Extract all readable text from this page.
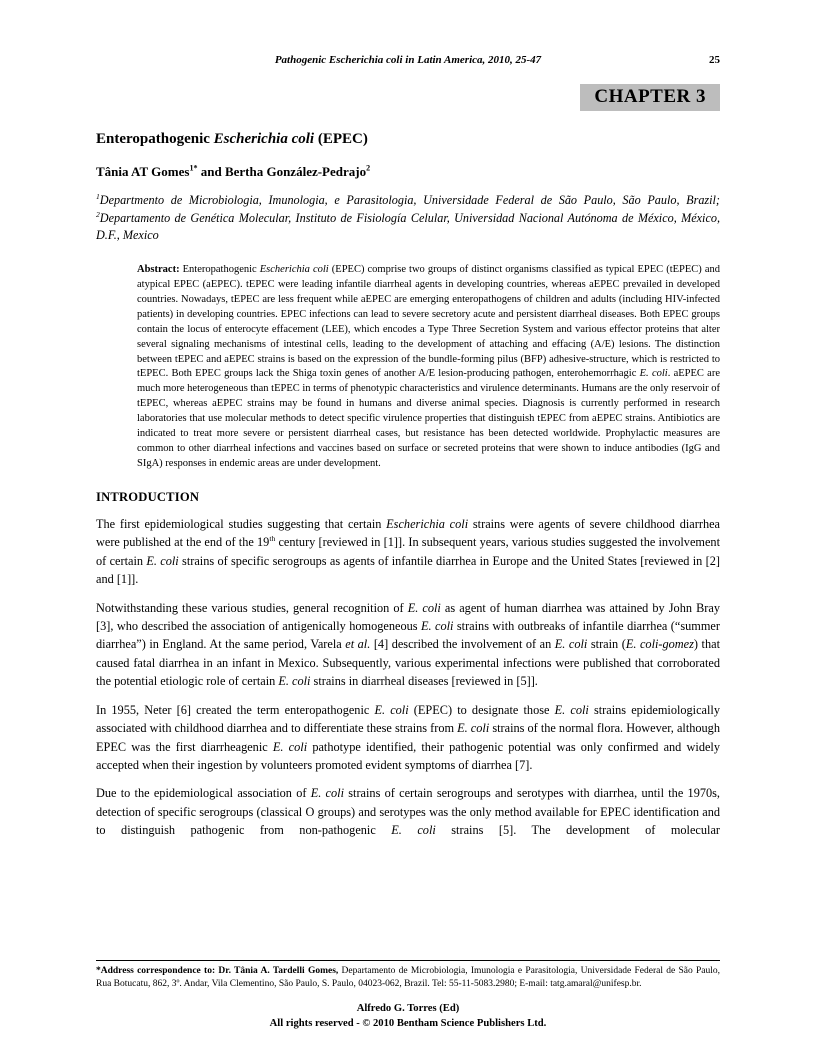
Pathogenic Escherichia coli in Latin America, 2010, 25-47	25
CHAPTER 3
Enteropathogenic Escherichia coli (EPEC)
Tânia AT Gomes$^{1*}$ and Bertha González-Pedrajo$^2$
$^1$Departmento de Microbiologia, Imunologia, e Parasitologia, Universidade Federal de São Paulo, São Paulo, Brazil; $^2$Departamento de Genética Molecular, Instituto de Fisiología Celular, Universidad Nacional Autónoma de México, México, D.F., Mexico
Abstract: Enteropathogenic Escherichia coli (EPEC) comprise two groups of distinct organisms classified as typical EPEC (tEPEC) and atypical EPEC (aEPEC). tEPEC were leading infantile diarrheal agents in developing countries, whereas aEPEC prevailed in developed countries. Nowadays, tEPEC are less frequent while aEPEC are emerging enteropathogens of children and adults (including HIV-infected patients) in developing countries. EPEC infections can lead to severe secretory acute and persistent diarrheal diseases. Both EPEC groups contain the locus of enterocyte effacement (LEE), which encodes a Type Three Secretion System and various effector proteins that alter several signaling mechanisms of intestinal cells, leading to the development of attaching and effacing (A/E) lesions. The distinction between tEPEC and aEPEC strains is based on the expression of the bundle-forming pilus (BFP) adhesive-structure, which is restricted to tEPEC. Both EPEC groups lack the Shiga toxin genes of another A/E lesion-producing pathogen, enterohemorrhagic E. coli. aEPEC are much more heterogeneous than tEPEC in terms of phenotypic characteristics and virulence determinants. Humans are the only reservoir of tEPEC, whereas aEPEC strains may be found in humans and diverse animal species. Diagnosis is currently performed in research laboratories that use molecular methods to detect specific virulence properties that distinguish tEPEC from aEPEC strains. Antibiotics are indicated to treat more severe or persistent diarrheal cases, but resistance has been detected worldwide. Prophylactic measures are common to other diarrheal infections and vaccines based on surface or secreted proteins that were shown to induce antibodies (IgG and SIgA) responses in endemic areas are under development.
INTRODUCTION

The first epidemiological studies suggesting that certain Escherichia coli strains were agents of severe childhood diarrhea were published at the end of the 19th century [reviewed in [1]]. In subsequent years, various studies suggested the involvement of certain E. coli strains of specific serogroups as agents of infantile diarrhea in Europe and the United States [reviewed in [2] and [1]].

Notwithstanding these various studies, general recognition of E. coli as agent of human diarrhea was attained by John Bray [3], who described the association of antigenically homogeneous E. coli strains with outbreaks of infantile diarrhea (“summer diarrhea”) in England. At the same period, Varela et al. [4] described the involvement of an E. coli strain (E. coli-gomez) that caused fatal diarrhea in an infant in Mexico. Subsequently, various experimental infections were published that corroborated the potential etiologic role of certain E. coli strains in diarrheal diseases [reviewed in [5]].

In 1955, Neter [6] created the term enteropathogenic E. coli (EPEC) to designate those E. coli strains epidemiologically associated with childhood diarrhea and to differentiate these strains from E. coli strains of the normal flora. However, although EPEC was the first diarrheagenic E. coli pathotype identified, their pathogenic potential was only confirmed and widely accepted when their ingestion by volunteers promoted evident symptoms of diarrhea [7].

Due to the epidemiological association of E. coli strains of certain serogroups and serotypes with diarrhea, until the 1970s, detection of specific serogroups (classical O groups) and serotypes was the only method available for EPEC identification and to distinguish pathogenic from non-pathogenic E. coli strains [5]. The development of molecular

*Address correspondence to: Dr. Tânia A. Tardelli Gomes, Departamento de Microbiologia, Imunologia e Parasitologia, Universidade Federal de São Paulo, Rua Botucatu, 862, 3º. Andar, Vila Clementino, São Paulo, S. Paulo, 04023-062, Brazil. Tel: 55-11-5083.2980; E-mail: tatg.amaral@unifesp.br.
Alfredo G. Torres (Ed)
All rights reserved - © 2010 Bentham Science Publishers Ltd.
